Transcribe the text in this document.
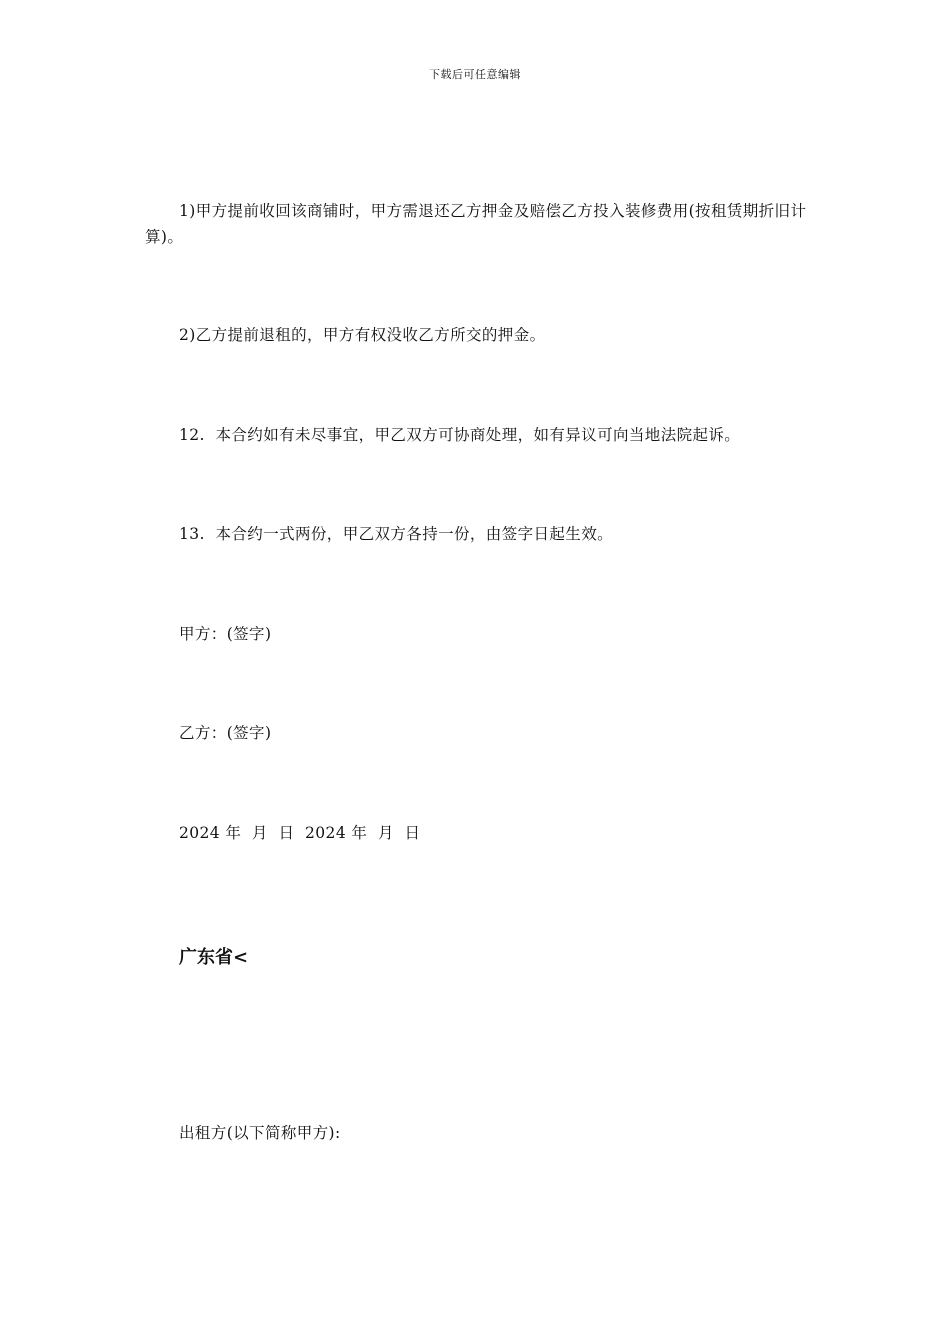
下载后可任意编辑

1)甲方提前收回该商铺时，甲方需退还乙方押金及赔偿乙方投入装修费用(按租赁期折旧计算)。

2)乙方提前退租的，甲方有权没收乙方所交的押金。

12.  本合约如有未尽事宜，甲乙双方可协商处理，如有异议可向当地法院起诉。

13.  本合约一式两份，甲乙双方各持一份，由签字日起生效。

甲方：(签字)

乙方：(签字)

2024 年  月  日  2024 年  月  日

广东省<

出租方(以下简称甲方):
